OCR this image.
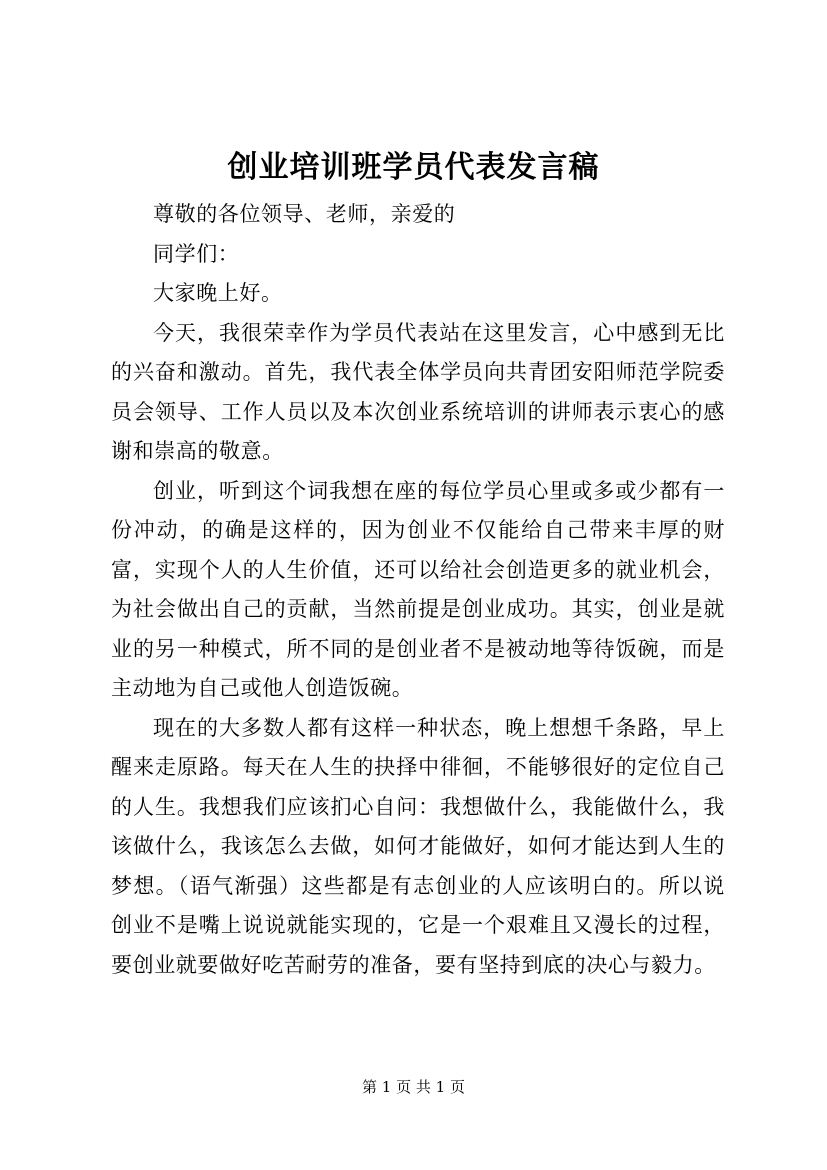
创业培训班学员代表发言稿

尊敬的各位领导、老师，亲爱的

同学们：

大家晚上好。

今天，我很荣幸作为学员代表站在这里发言，心中感到无比的兴奋和激动。首先，我代表全体学员向共青团安阳师范学院委员会领导、工作人员以及本次创业系统培训的讲师表示衷心的感谢和崇高的敬意。

创业，听到这个词我想在座的每位学员心里或多或少都有一份冲动，的确是这样的，因为创业不仅能给自己带来丰厚的财富，实现个人的人生价值，还可以给社会创造更多的就业机会，为社会做出自己的贡献，当然前提是创业成功。其实，创业是就业的另一种模式，所不同的是创业者不是被动地等待饭碗，而是主动地为自己或他人创造饭碗。

现在的大多数人都有这样一种状态，晚上想想千条路，早上醒来走原路。每天在人生的抉择中徘徊，不能够很好的定位自己的人生。我想我们应该扪心自问：我想做什么，我能做什么，我该做什么，我该怎么去做，如何才能做好，如何才能达到人生的梦想。（语气渐强）这些都是有志创业的人应该明白的。所以说创业不是嘴上说说就能实现的，它是一个艰难且又漫长的过程，要创业就要做好吃苦耐劳的准备，要有坚持到底的决心与毅力。

第 1 页 共 1 页
